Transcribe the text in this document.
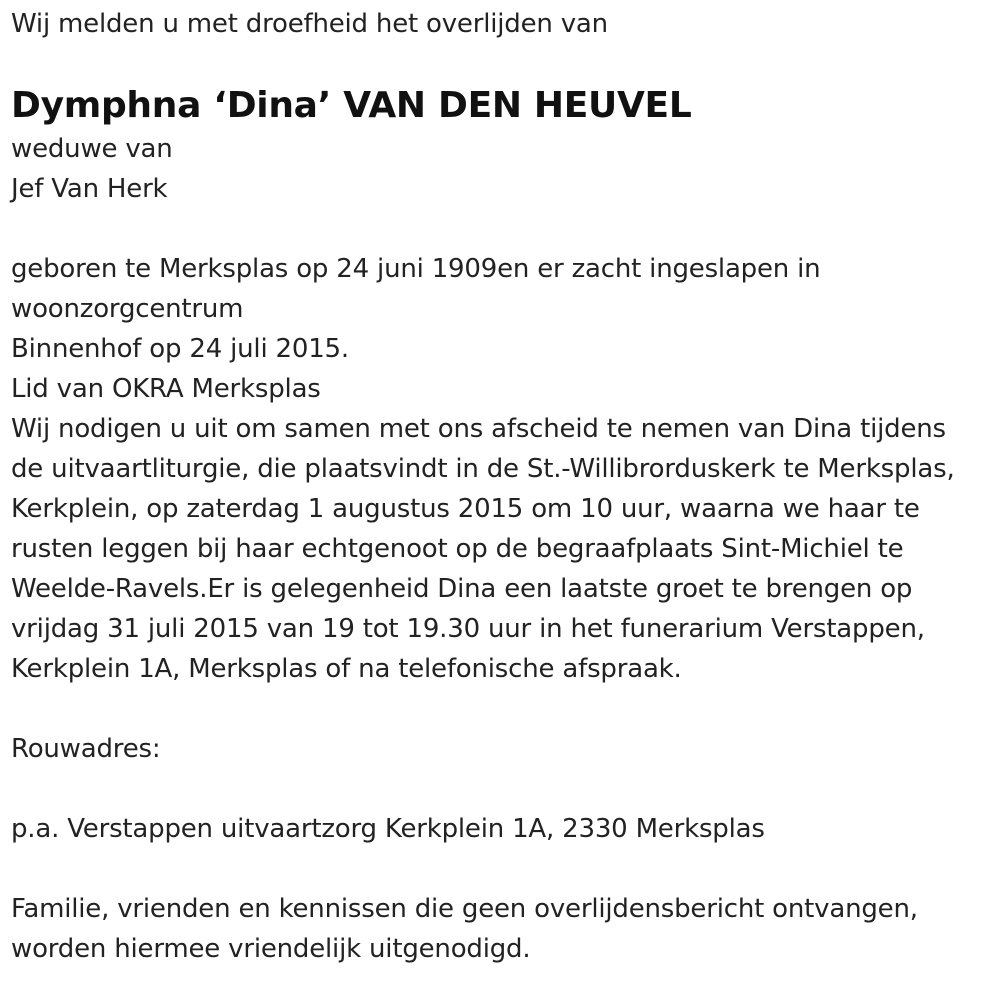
Wij melden u met droefheid het overlijden van
Dymphna ‘Dina’ VAN DEN HEUVEL
weduwe van
Jef Van Herk
geboren te Merksplas op 24 juni 1909en er zacht ingeslapen in
woonzorgcentrum
Binnenhof op 24 juli 2015.
Lid van OKRA Merksplas
Wij nodigen u uit om samen met ons afscheid te nemen van Dina tijdens
de uitvaartliturgie, die plaatsvindt in de St.-Willibrorduskerk te Merksplas,
Kerkplein, op zaterdag 1 augustus 2015 om 10 uur, waarna we haar te
rusten leggen bij haar echtgenoot op de begraafplaats Sint-Michiel te
Weelde-Ravels.Er is gelegenheid Dina een laatste groet te brengen op
vrijdag 31 juli 2015 van 19 tot 19.30 uur in het funerarium Verstappen,
Kerkplein 1A, Merksplas of na telefonische afspraak.
Rouwadres:
p.a. Verstappen uitvaartzorg Kerkplein 1A, 2330 Merksplas
Familie, vrienden en kennissen die geen overlijdensbericht ontvangen,
worden hiermee vriendelijk uitgenodigd.
